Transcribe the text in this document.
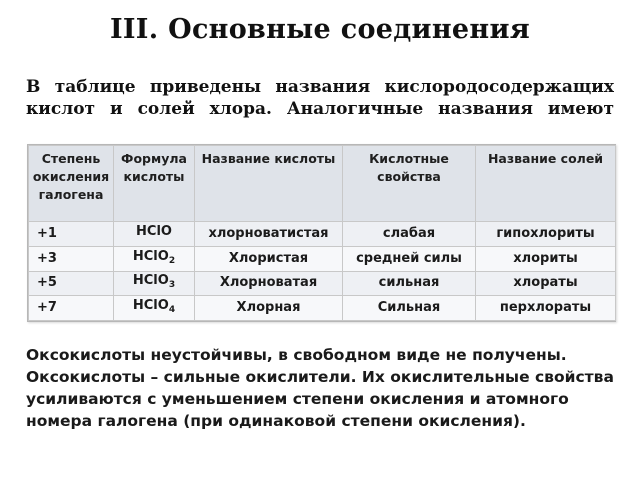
III. Основные соединения
В таблице приведены названия кислородосодержащих кислот и солей хлора. Аналогичные названия имеют
Степень окисления галогена	Формула кислоты	Название кислоты	Кислотные свойства	Название солей
+1	HClO	хлорноватистая	слабая	гипохлориты
+3	HClO$_2$	Хлористая	средней силы	хлориты
+5	HClO$_3$	Хлорноватая	сильная	хлораты
+7	HClO$_4$	Хлорная	Сильная	перхлораты
Оксокислоты неустойчивы, в свободном виде не получены. Оксокислоты – сильные окислители. Их окислительные свойства усиливаются с уменьшением степени окисления и атомного номера галогена (при одинаковой степени окисления).
